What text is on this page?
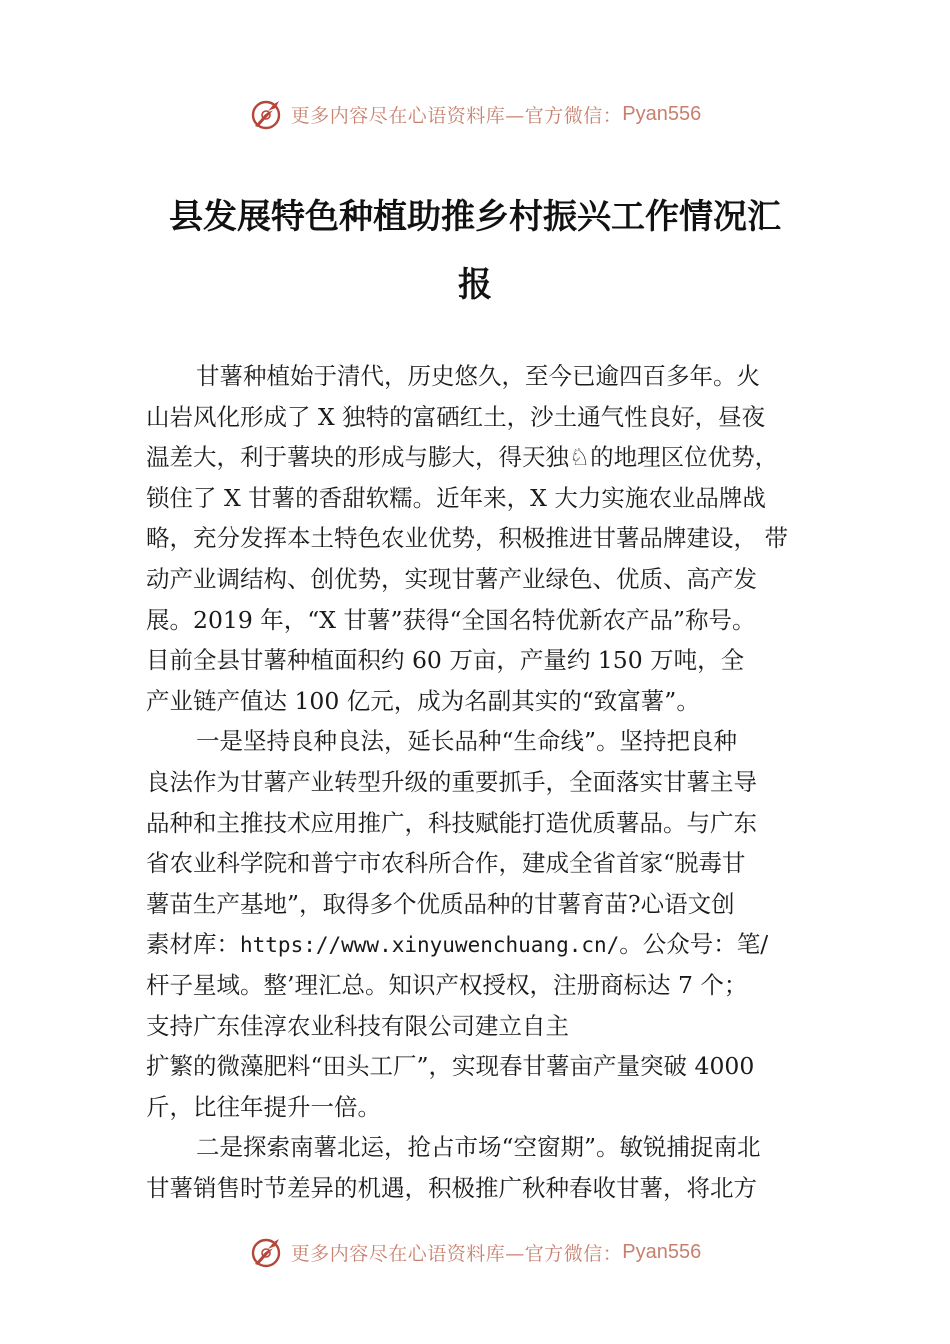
更多内容尽在心语资料库—官方微信： Pyan556
县发展特色种植助推乡村振兴工作情况汇
报
甘薯种植始于清代，历史悠久，至今已逾四百多年。火
山岩风化形成了 X 独特的富硒红土，沙土通气性良好，昼夜
温差大，利于薯块的形成与膨大，得天独♘的地理区位优势，
锁住了 X 甘薯的香甜软糯。近年来，X 大力实施农业品牌战
略，充分发挥本土特色农业优势，积极推进甘薯品牌建设， 带
动产业调结构、创优势，实现甘薯产业绿色、优质、高产发
展。2019 年，“X 甘薯”获得“全国名特优新农产品”称号。
目前全县甘薯种植面积约 60 万亩，产量约 150 万吨，全
产业链产值达 100 亿元，成为名副其实的“致富薯”。
一是坚持良种良法，延长品种“生命线”。坚持把良种
良法作为甘薯产业转型升级的重要抓手，全面落实甘薯主导
品种和主推技术应用推广，科技赋能打造优质薯品。与广东
省农业科学院和普宁市农科所合作，建成全省首家“脱毒甘
薯苗生产基地”，取得多个优质品种的甘薯育苗?心语文创
素材库：https://www.xinyuwenchuang.cn/。公众号：笔/
杆子星域。整’理汇总。知识产权授权，注册商标达 7 个；
支持广东佳淳农业科技有限公司建立自主
扩繁的微藻肥料“田头工厂”，实现春甘薯亩产量突破 4000
斤，比往年提升一倍。
二是探索南薯北运，抢占市场“空窗期”。敏锐捕捉南北
甘薯销售时节差异的机遇，积极推广秋种春收甘薯，将北方
更多内容尽在心语资料库—官方微信： Pyan556
